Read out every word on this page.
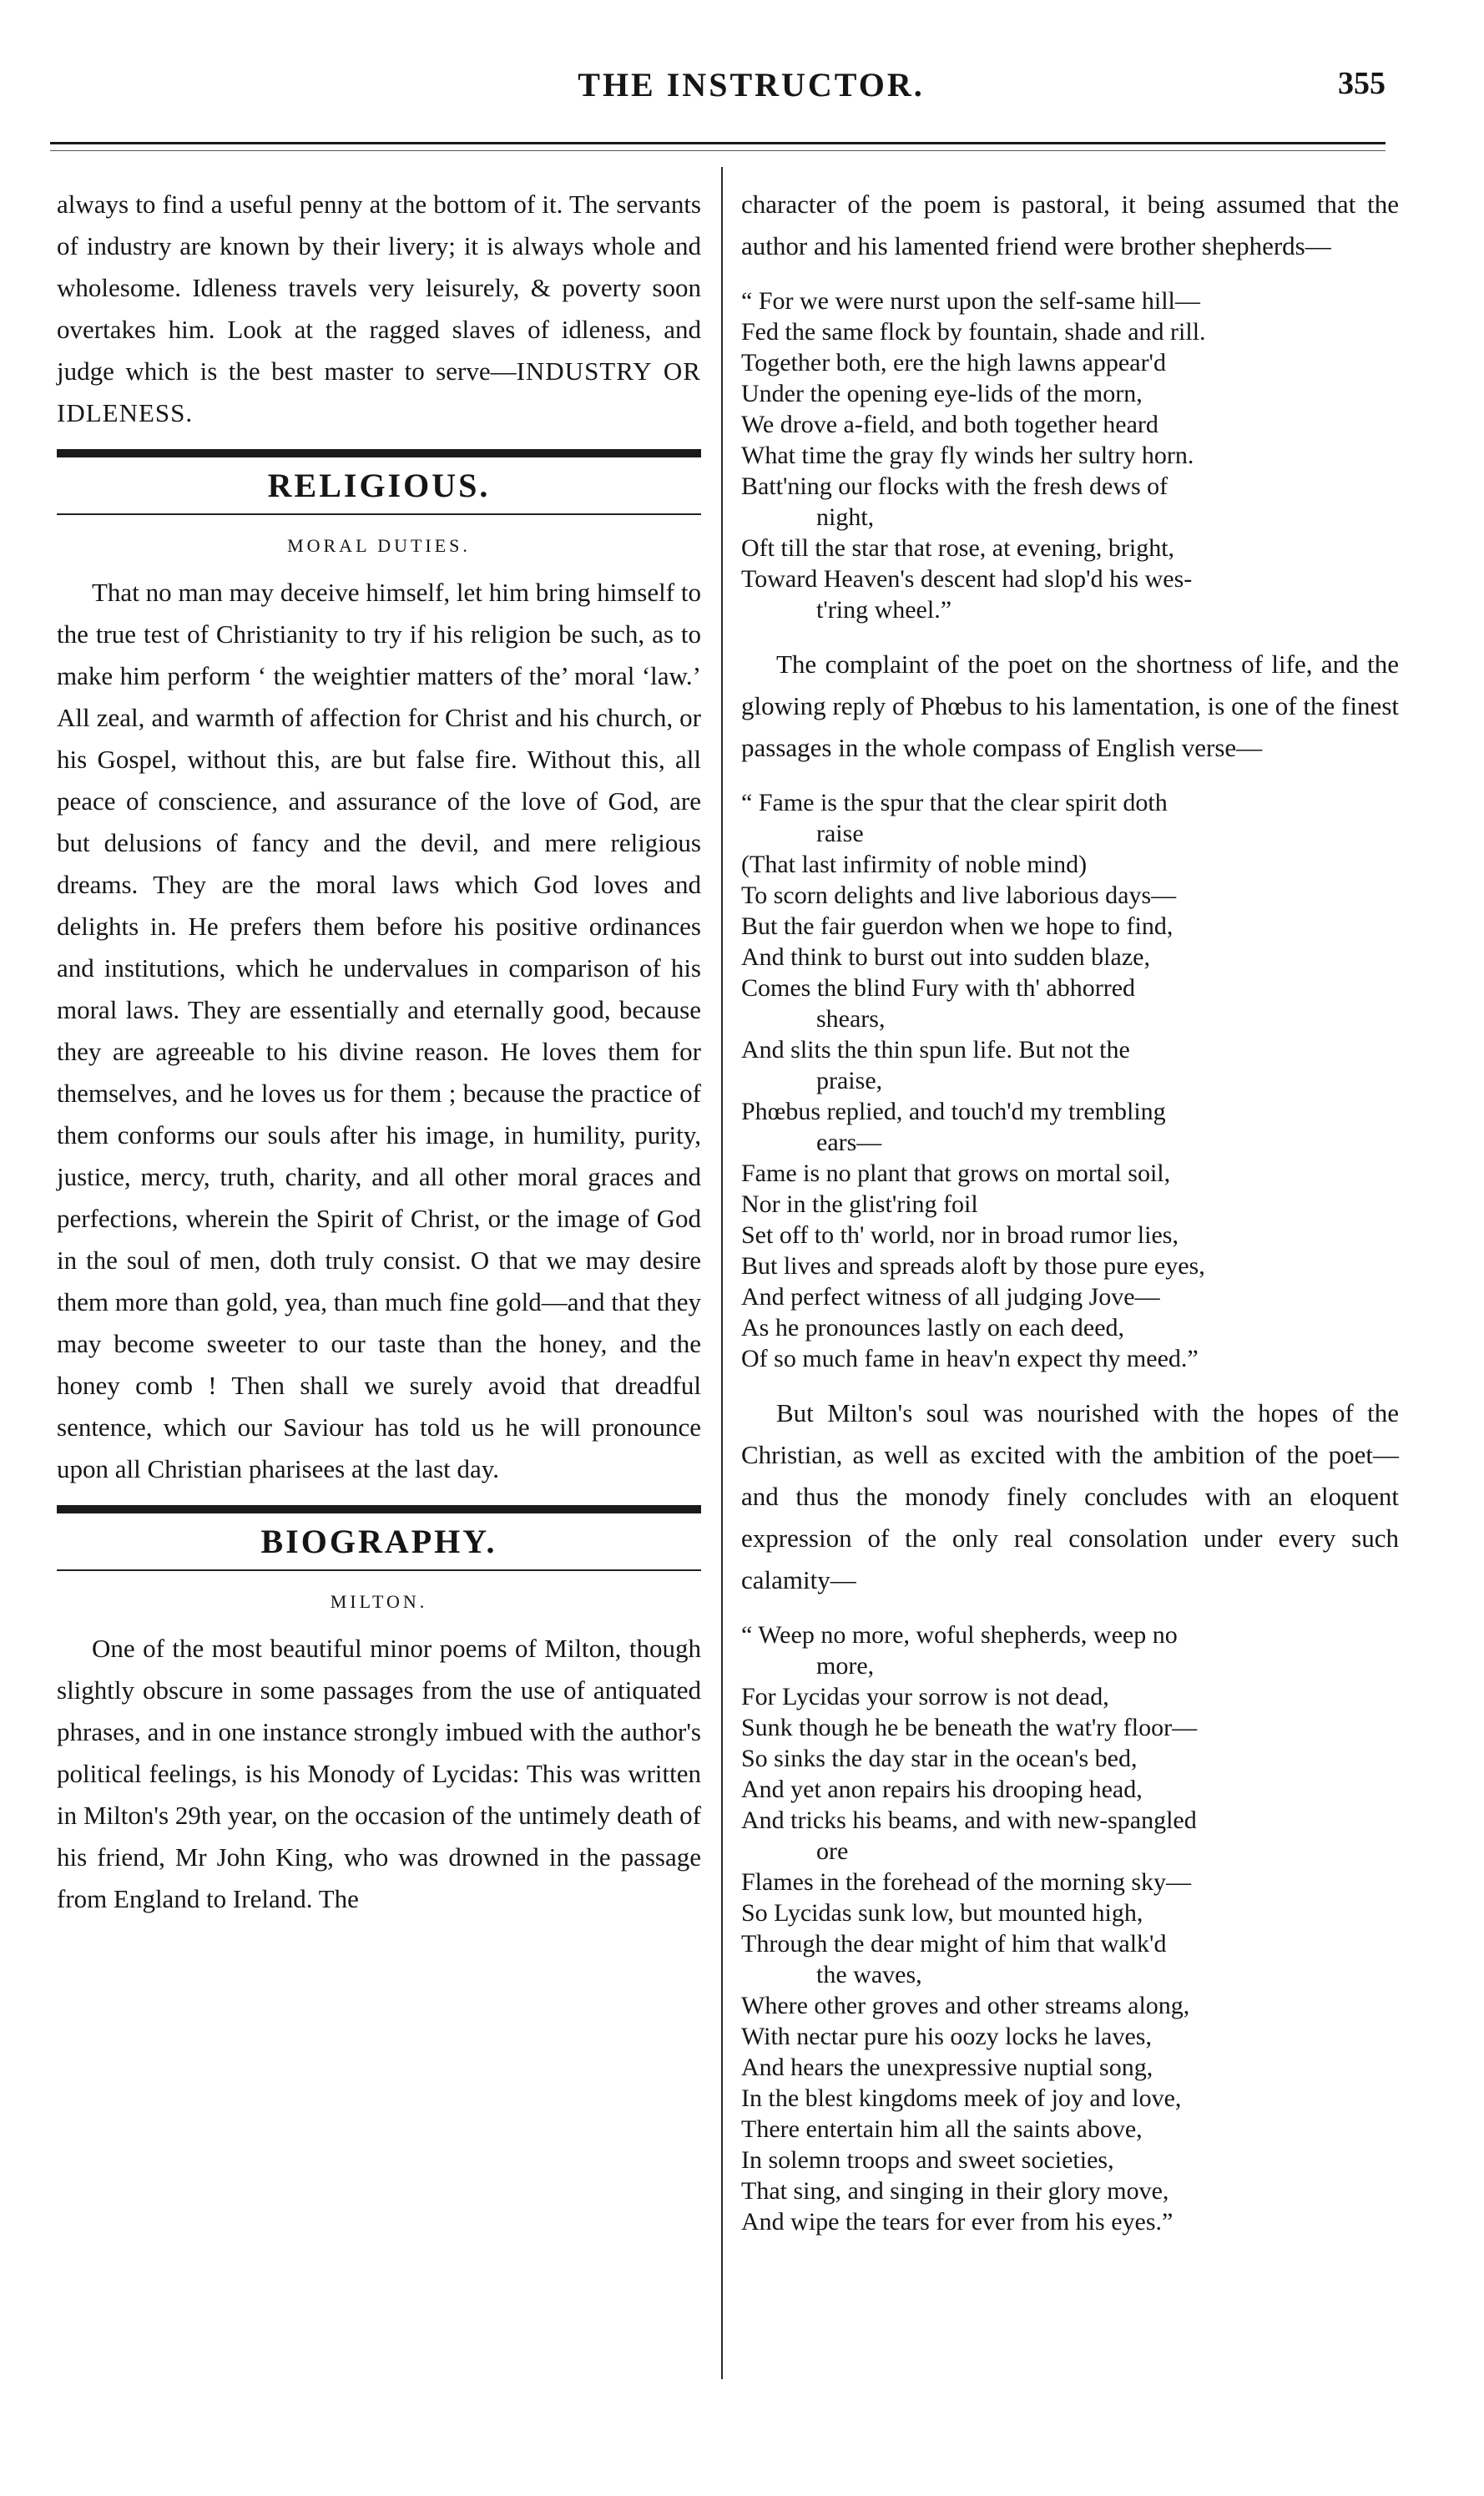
THE INSTRUCTOR.	355

always to find a useful penny at the bottom of it. The servants of industry are known by their livery; it is always whole and wholesome. Idleness travels very leisurely, & poverty soon overtakes him. Look at the ragged slaves of idleness, and judge which is the best master to serve—INDUSTRY OR IDLENESS.

RELIGIOUS.
MORAL DUTIES.

That no man may deceive himself, let him bring himself to the true test of Christianity to try if his religion be such, as to make him perform ‘ the weightier matters of the’ moral ‘law.’ All zeal, and warmth of affection for Christ and his church, or his Gospel, without this, are but false fire. Without this, all peace of conscience, and assurance of the love of God, are but delusions of fancy and the devil, and mere religious dreams. They are the moral laws which God loves and delights in. He prefers them before his positive ordinances and institutions, which he undervalues in comparison of his moral laws. They are essentially and eternally good, because they are agreeable to his divine reason. He loves them for themselves, and he loves us for them ; because the practice of them conforms our souls after his image, in humility, purity, justice, mercy, truth, charity, and all other moral graces and perfections, wherein the Spirit of Christ, or the image of God in the soul of men, doth truly consist. O that we may desire them more than gold, yea, than much fine gold—and that they may become sweeter to our taste than the honey, and the honey comb ! Then shall we surely avoid that dreadful sentence, which our Saviour has told us he will pronounce upon all Christian pharisees at the last day.

BIOGRAPHY.
MILTON.

One of the most beautiful minor poems of Milton, though slightly obscure in some passages from the use of antiquated phrases, and in one instance strongly imbued with the author's political feelings, is his Monody of Lycidas: This was written in Milton's 29th year, on the occasion of the untimely death of his friend, Mr John King, who was drowned in the passage from England to Ireland. The

character of the poem is pastoral, it being assumed that the author and his lamented friend were brother shepherds—

“ For we were nurst upon the self-same hill—
Fed the same flock by fountain, shade and rill.
Together both, ere the high lawns appear'd
Under the opening eye-lids of the morn,
We drove a-field, and both together heard
What time the gray fly winds her sultry horn.
Batt'ning our flocks with the fresh dews of
night,
Oft till the star that rose, at evening, bright,
Toward Heaven's descent had slop'd his wes-
t'ring wheel.”

The complaint of the poet on the shortness of life, and the glowing reply of Phœbus to his lamentation, is one of the finest passages in the whole compass of English verse—

“ Fame is the spur that the clear spirit doth
raise
(That last infirmity of noble mind)
To scorn delights and live laborious days—
But the fair guerdon when we hope to find,
And think to burst out into sudden blaze,
Comes the blind Fury with th' abhorred
shears,
And slits the thin spun life. But not the
praise,
Phœbus replied, and touch'd my trembling
ears—
Fame is no plant that grows on mortal soil,
Nor in the glist'ring foil
Set off to th' world, nor in broad rumor lies,
But lives and spreads aloft by those pure eyes,
And perfect witness of all judging Jove—
As he pronounces lastly on each deed,
Of so much fame in heav'n expect thy meed.”

But Milton's soul was nourished with the hopes of the Christian, as well as excited with the ambition of the poet—and thus the monody finely concludes with an eloquent expression of the only real consolation under every such calamity—

“ Weep no more, woful shepherds, weep no
more,
For Lycidas your sorrow is not dead,
Sunk though he be beneath the wat'ry floor—
So sinks the day star in the ocean's bed,
And yet anon repairs his drooping head,
And tricks his beams, and with new-spangled
ore
Flames in the forehead of the morning sky—
So Lycidas sunk low, but mounted high,
Through the dear might of him that walk'd
the waves,
Where other groves and other streams along,
With nectar pure his oozy locks he laves,
And hears the unexpressive nuptial song,
In the blest kingdoms meek of joy and love,
There entertain him all the saints above,
In solemn troops and sweet societies,
That sing, and singing in their glory move,
And wipe the tears for ever from his eyes.”
